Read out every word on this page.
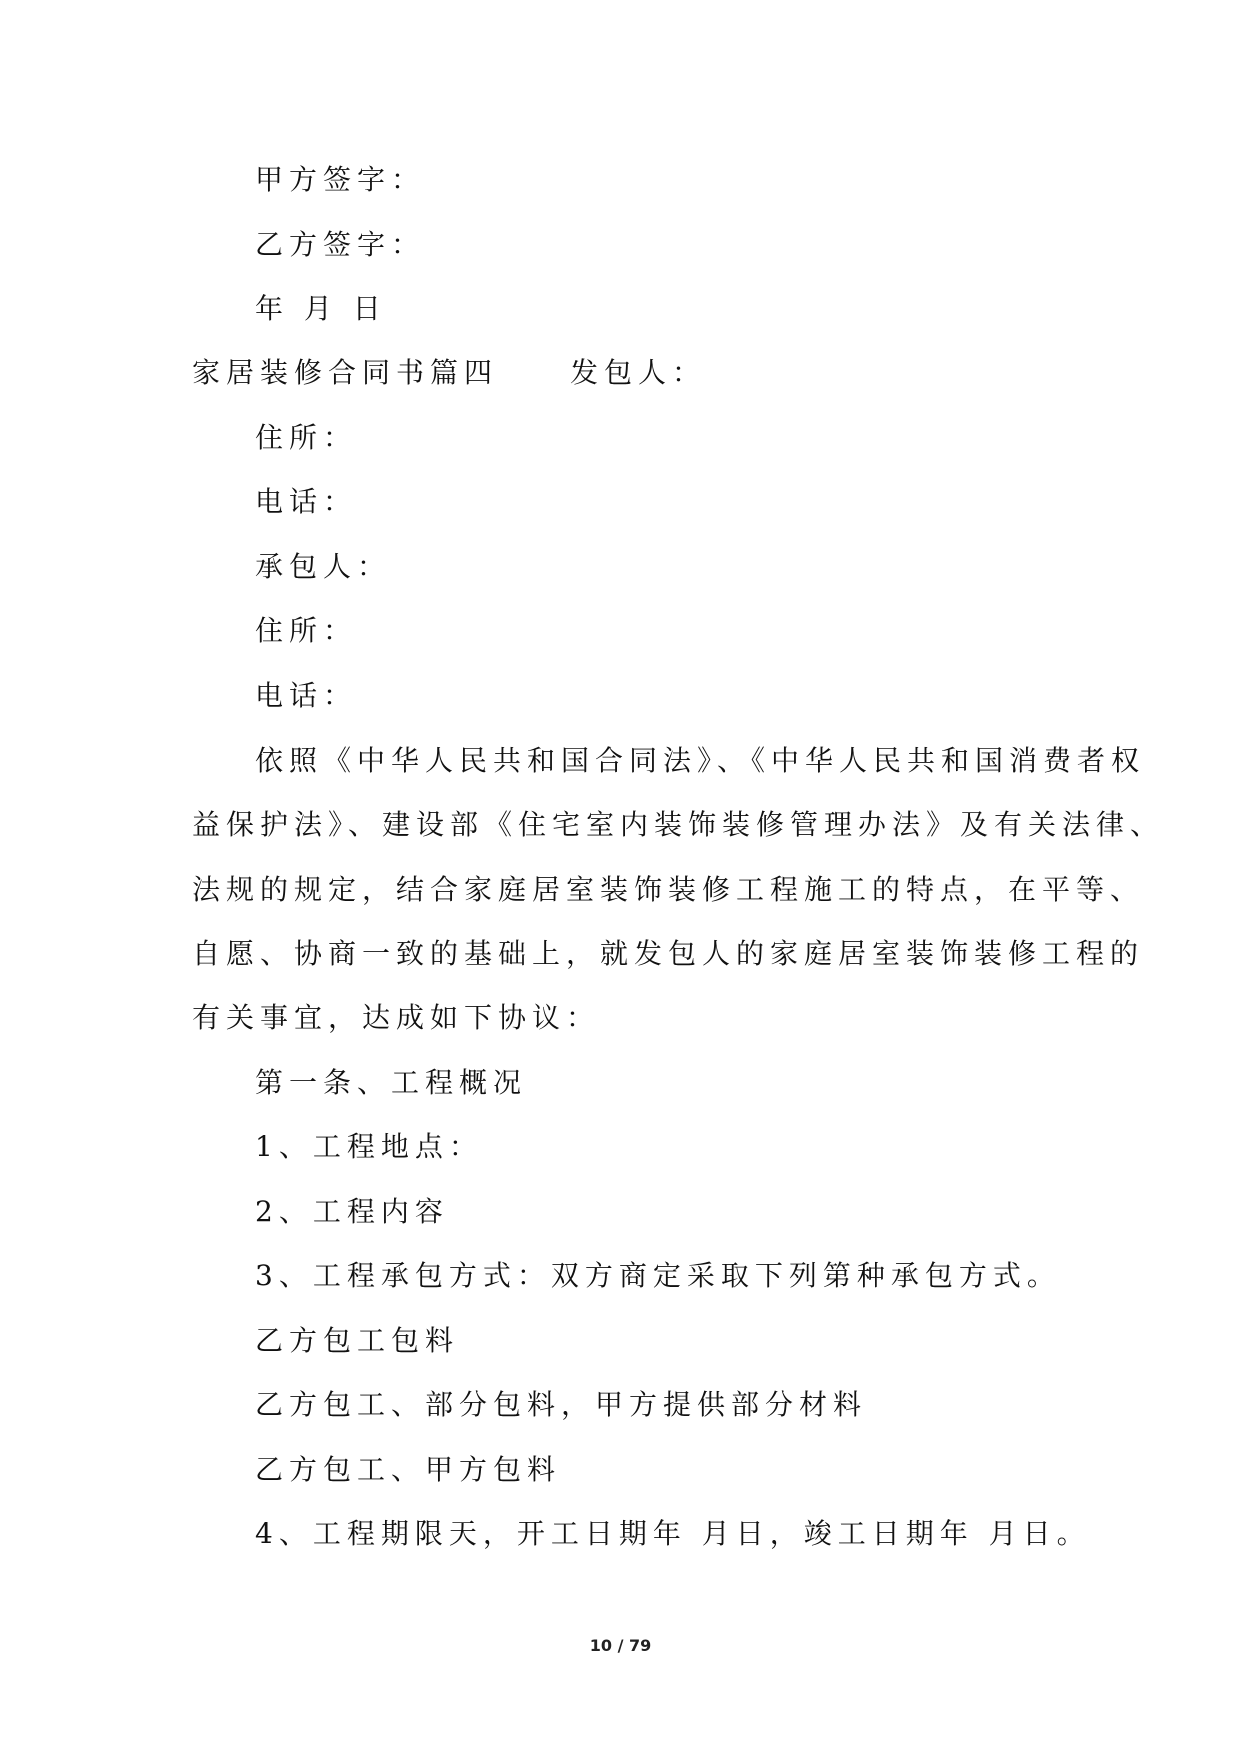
甲方签字：
乙方签字：
年 月 日
家居装修合同书篇四	发包人：
住所：
电话：
承包人：
住所：
电话：
依照《中华人民共和国合同法》、《中华人民共和国消费者权
益保护法》、建设部《住宅室内装饰装修管理办法》及有关法律、
法规的规定，结合家庭居室装饰装修工程施工的特点，在平等、
自愿、协商一致的基础上，就发包人的家庭居室装饰装修工程的
有关事宜，达成如下协议：
第一条、工程概况
1、工程地点：
2、工程内容
3、工程承包方式：双方商定采取下列第种承包方式。
乙方包工包料
乙方包工、部分包料，甲方提供部分材料
乙方包工、甲方包料
4、工程期限天，开工日期年 月日，竣工日期年 月日。
10 / 79
